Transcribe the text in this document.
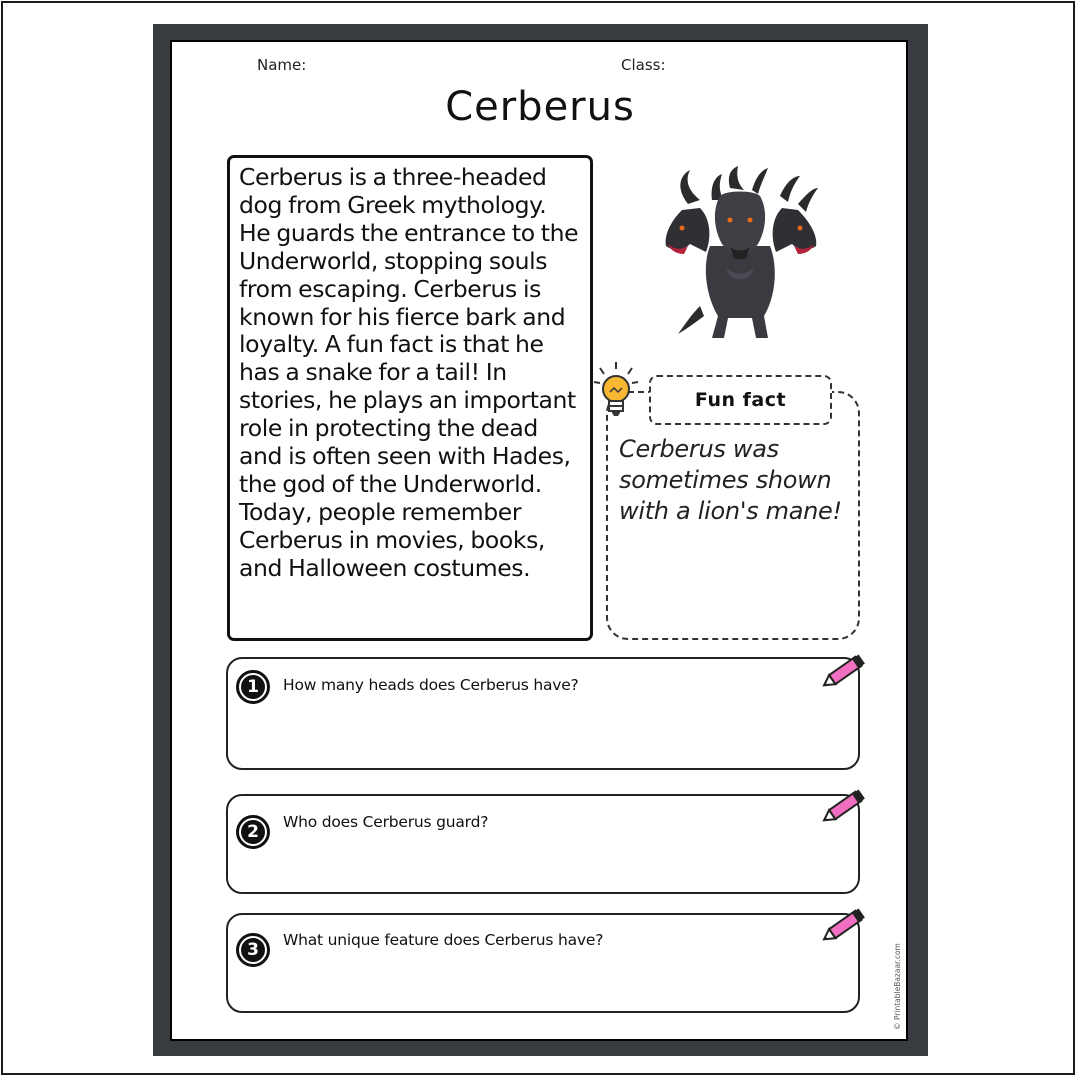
Name:	Class:
Cerberus
Cerberus is a three-headed dog from Greek mythology. He guards the entrance to the Underworld, stopping souls from escaping. Cerberus is known for his fierce bark and loyalty. A fun fact is that he has a snake for a tail! In stories, he plays an important role in protecting the dead and is often seen with Hades, the god of the Underworld. Today, people remember Cerberus in movies, books, and Halloween costumes.
Fun fact
Cerberus was sometimes shown with a lion's mane!
1	How many heads does Cerberus have?
2	Who does Cerberus guard?
3	What unique feature does Cerberus have?
© PrintableBazaar.com
